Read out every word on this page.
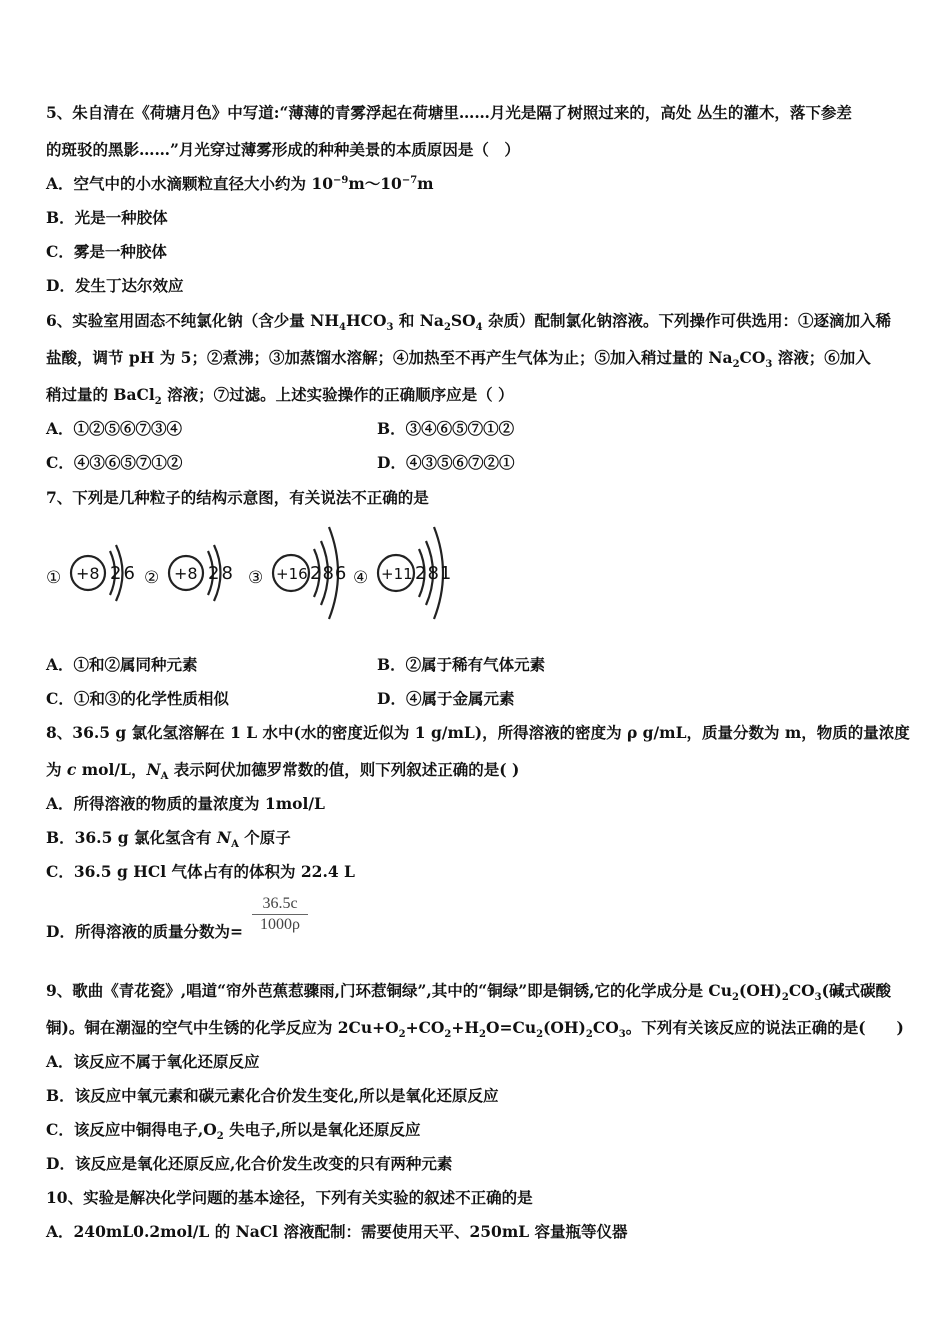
5、朱自清在《荷塘月色》中写道:“薄薄的青雾浮起在荷塘里……月光是隔了树照过来的，高处 丛生的灌木，落下参差
的斑驳的黑影……”月光穿过薄雾形成的种种美景的本质原因是（　）
A．空气中的小水滴颗粒直径大小约为 $10^{-9}m\sim 10^{-7}m$
B．光是一种胶体
C．雾是一种胶体
D．发生丁达尔效应
6、实验室用固态不纯氯化钠（含少量 $NH_4HCO_3$ 和 $Na_2SO_4$ 杂质）配制氯化钠溶液。下列操作可供选用：①逐滴加入稀
盐酸，调节 pH 为 5；②煮沸；③加蒸馏水溶解；④加热至不再产生气体为止；⑤加入稍过量的 $Na_2CO_3$ 溶液；⑥加入
稍过量的 BaCl$_2$ 溶液；⑦过滤。上述实验操作的正确顺序应是（ ）
A．①②⑤⑥⑦③④	B．③④⑥⑤⑦①②
C．④③⑥⑤⑦①②	D．④③⑤⑥⑦②①
7、下列是几种粒子的结构示意图，有关说法不正确的是
① +8 26 ② +8 28 ③ +16 286 ④ +11 281
A．①和②属同种元素	B．②属于稀有气体元素
C．①和③的化学性质相似	D．④属于金属元素
8、36.5 g 氯化氢溶解在 1 L 水中(水的密度近似为 1 g/mL)，所得溶液的密度为 ρ g/mL，质量分数为 m，物质的量浓度
为 c mol/L，$N_A$ 表示阿伏加德罗常数的值，则下列叙述正确的是( )
A．所得溶液的物质的量浓度为 1mol/L
B．36.5 g 氯化氢含有 $N_A$ 个原子
C．36.5 g HCl 气体占有的体积为 22.4 L
D．所得溶液的质量分数为= $\frac{36.5c}{1000\rho}$
9、歌曲《青花瓷》,唱道“帘外芭蕉惹骤雨,门环惹铜绿”,其中的“铜绿”即是铜锈,它的化学成分是 $Cu_2(OH)_2CO_3$(碱式碳酸
铜)。铜在潮湿的空气中生锈的化学反应为 $2Cu+O_2+CO_2+H_2O=Cu_2(OH)_2CO_3$。下列有关该反应的说法正确的是(　　)
A．该反应不属于氧化还原反应
B．该反应中氧元素和碳元素化合价发生变化,所以是氧化还原反应
C．该反应中铜得电子$,O_2$ 失电子,所以是氧化还原反应
D．该反应是氧化还原反应,化合价发生改变的只有两种元素
10、实验是解决化学问题的基本途径，下列有关实验的叙述不正确的是
A．240mL0.2mol/L 的 NaCl 溶液配制：需要使用天平、250mL 容量瓶等仪器
